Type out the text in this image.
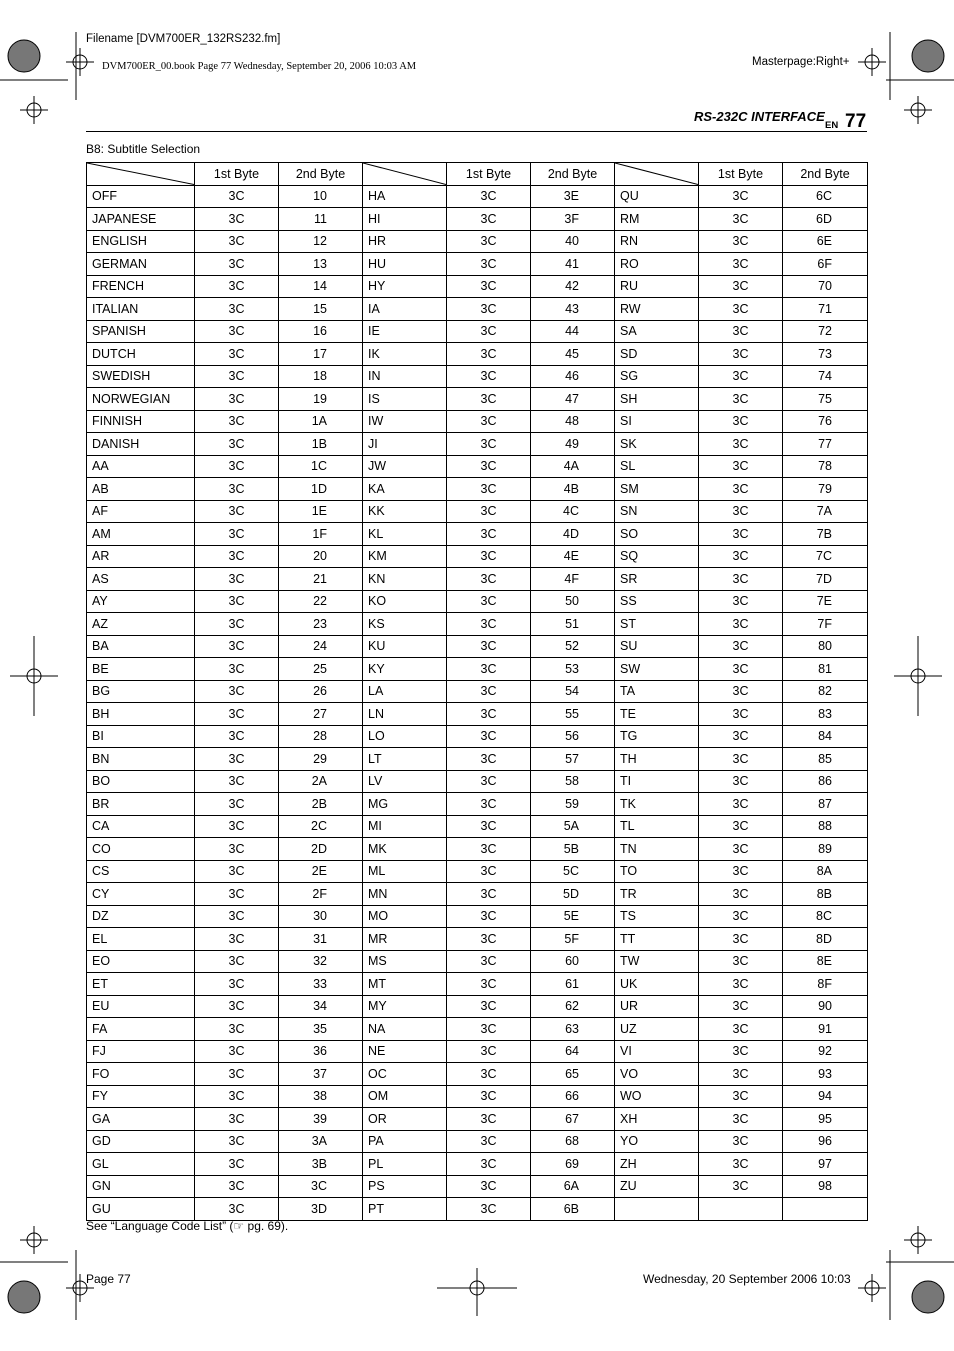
Filename [DVM700ER_132RS232.fm]
DVM700ER_00.book Page 77 Wednesday, September 20, 2006 10:03 AM	Masterpage:Right+
RS-232C INTERFACE
EN 77
B8: Subtitle Selection
	1st Byte	2nd Byte		1st Byte	2nd Byte		1st Byte	2nd Byte
OFF	3C	10	HA	3C	3E	QU	3C	6C
JAPANESE	3C	11	HI	3C	3F	RM	3C	6D
ENGLISH	3C	12	HR	3C	40	RN	3C	6E
GERMAN	3C	13	HU	3C	41	RO	3C	6F
FRENCH	3C	14	HY	3C	42	RU	3C	70
ITALIAN	3C	15	IA	3C	43	RW	3C	71
SPANISH	3C	16	IE	3C	44	SA	3C	72
DUTCH	3C	17	IK	3C	45	SD	3C	73
SWEDISH	3C	18	IN	3C	46	SG	3C	74
NORWEGIAN	3C	19	IS	3C	47	SH	3C	75
FINNISH	3C	1A	IW	3C	48	SI	3C	76
DANISH	3C	1B	JI	3C	49	SK	3C	77
AA	3C	1C	JW	3C	4A	SL	3C	78
AB	3C	1D	KA	3C	4B	SM	3C	79
AF	3C	1E	KK	3C	4C	SN	3C	7A
AM	3C	1F	KL	3C	4D	SO	3C	7B
AR	3C	20	KM	3C	4E	SQ	3C	7C
AS	3C	21	KN	3C	4F	SR	3C	7D
AY	3C	22	KO	3C	50	SS	3C	7E
AZ	3C	23	KS	3C	51	ST	3C	7F
BA	3C	24	KU	3C	52	SU	3C	80
BE	3C	25	KY	3C	53	SW	3C	81
BG	3C	26	LA	3C	54	TA	3C	82
BH	3C	27	LN	3C	55	TE	3C	83
BI	3C	28	LO	3C	56	TG	3C	84
BN	3C	29	LT	3C	57	TH	3C	85
BO	3C	2A	LV	3C	58	TI	3C	86
BR	3C	2B	MG	3C	59	TK	3C	87
CA	3C	2C	MI	3C	5A	TL	3C	88
CO	3C	2D	MK	3C	5B	TN	3C	89
CS	3C	2E	ML	3C	5C	TO	3C	8A
CY	3C	2F	MN	3C	5D	TR	3C	8B
DZ	3C	30	MO	3C	5E	TS	3C	8C
EL	3C	31	MR	3C	5F	TT	3C	8D
EO	3C	32	MS	3C	60	TW	3C	8E
ET	3C	33	MT	3C	61	UK	3C	8F
EU	3C	34	MY	3C	62	UR	3C	90
FA	3C	35	NA	3C	63	UZ	3C	91
FJ	3C	36	NE	3C	64	VI	3C	92
FO	3C	37	OC	3C	65	VO	3C	93
FY	3C	38	OM	3C	66	WO	3C	94
GA	3C	39	OR	3C	67	XH	3C	95
GD	3C	3A	PA	3C	68	YO	3C	96
GL	3C	3B	PL	3C	69	ZH	3C	97
GN	3C	3C	PS	3C	6A	ZU	3C	98
GU	3C	3D	PT	3C	6B			
See “Language Code List” (☞ pg. 69).
Page 77	Wednesday, 20 September 2006 10:03
